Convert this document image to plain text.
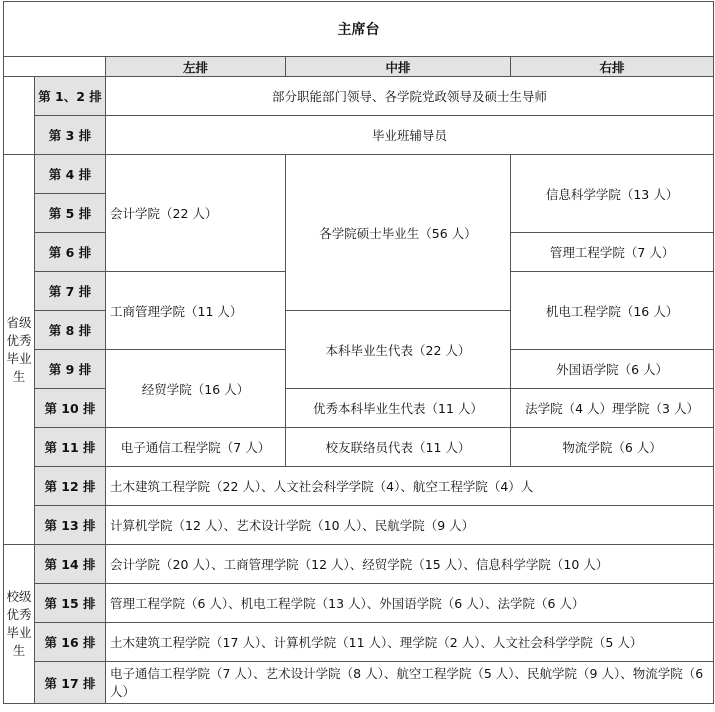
主席台				
		左排	中排	右排
	第 1、2 排	部分职能部门领导、各学院党政领导及硕士生导师		
	第 3 排	毕业班辅导员		
省级优秀毕业生	第 4 排	会计学院（22 人）	各学院硕士毕业生（56 人）	信息科学学院（13 人）
	第 5 排			
	第 6 排			管理工程学院（7 人）
	第 7 排	工商管理学院（11 人）		机电工程学院（16 人）
	第 8 排		本科毕业生代表（22 人）	
	第 9 排	经贸学院（16 人）		外国语学院（6 人）
	第 10 排		优秀本科毕业生代表（11 人）	法学院（4 人）理学院（3 人）
	第 11 排	电子通信工程学院（7 人）	校友联络员代表（11 人）	物流学院（6 人）
	第 12 排	土木建筑工程学院（22 人）、人文社会科学学院（4）、航空工程学院（4）人		
	第 13 排	计算机学院（12 人）、艺术设计学院（10 人）、民航学院（9 人）		
校级优秀毕业生	第 14 排	会计学院（20 人）、工商管理学院（12 人）、经贸学院（15 人）、信息科学学院（10 人）		
	第 15 排	管理工程学院（6 人）、机电工程学院（13 人）、外国语学院（6 人）、法学院（6 人）		
	第 16 排	土木建筑工程学院（17 人）、计算机学院（11 人）、理学院（2 人）、人文社会科学学院（5 人）		
	第 17 排	电子通信工程学院（7 人）、艺术设计学院（8 人）、航空工程学院（5 人）、民航学院（9 人）、物流学院（6 人）		
